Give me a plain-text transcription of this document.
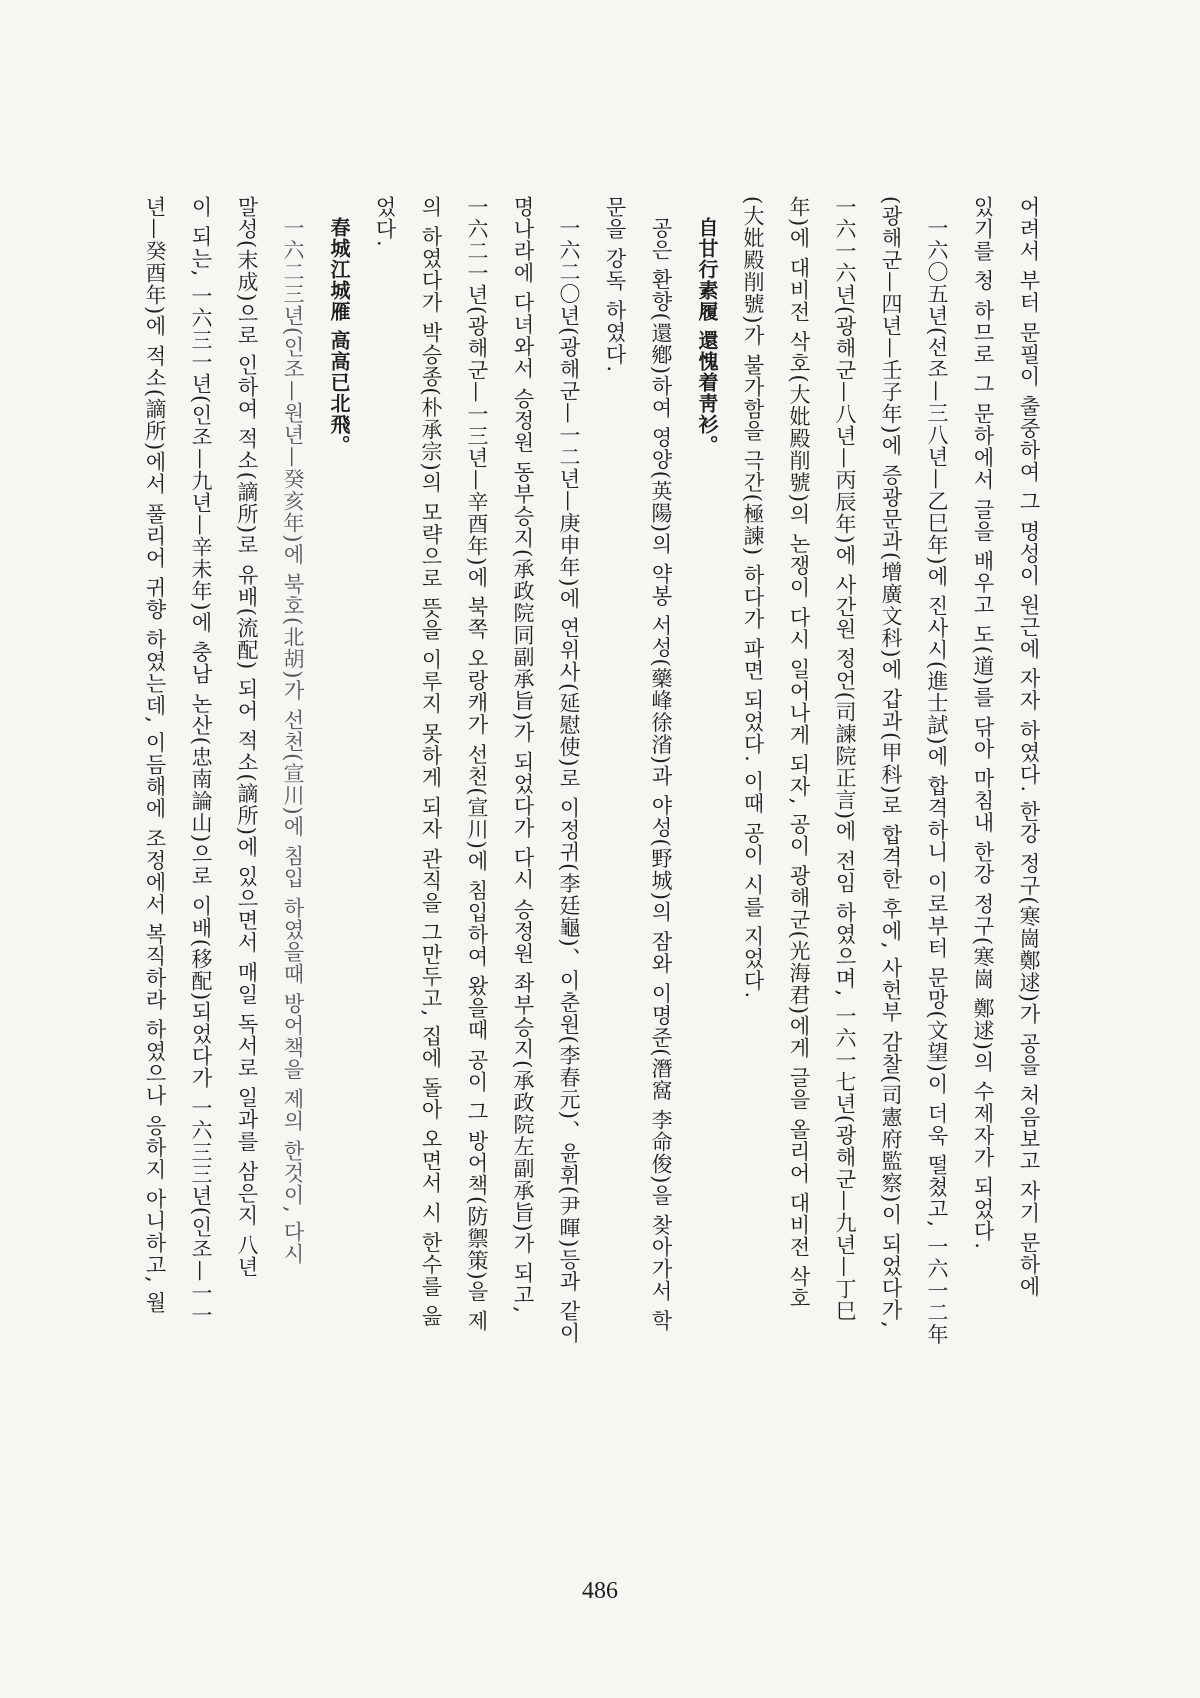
어려서 부터 문필이 출중하여 그 명성이 원근에 자자 하였다. 한강 정구(寒崗鄭逑)가 공을 처음보고 자기 문하에
있기를 청 하므로 그 문하에서 글을 배우고 도(道)를 닦아 마침내 한강 정구(寒崗 鄭逑)의 수제자가 되었다.
一六〇五년(선조—三八년—乙巳年)에 진사시(進士試)에 합격하니 이로부터 문망(文望)이 더욱 떨쳤고, 一六一二年
(광해군—四년—壬子年)에 증광문과(增廣文科)에 갑과(甲科)로 합격한 후에, 사헌부 감찰(司憲府監察)이 되었다가,
一六一六년(광해군—八년—丙辰年)에 사간원 정언(司諫院正言)에 전임 하였으며, 一六一七년(광해군—九년—丁巳
年)에 대비전 삭호(大妣殿削號)의 논쟁이 다시 일어나게 되자, 공이 광해군(光海君)에게 글을 올리어 대비전 삭호
(大妣殿削號)가 불가함을 극간(極諫) 하다가 파면 되었다. 이때 공이 시를 지었다.
自甘行素履 還愧着靑衫。
공은 환향(還鄕)하여 영양(英陽)의 약봉 서성(藥峰徐渻)과 야성(野城)의 잠와 이명준(潛窩 李命俊)을 찾아가서 학
문을 강독 하였다.
一六二〇년(광해군—一二년—庚申年)에 연위사(延慰使)로 이정귀(李廷龜)、이춘원(李春元)、윤휘(尹暉)등과 같이
명나라에 다녀와서 승정원 동부승지(承政院同副承旨)가 되었다가 다시 승정원 좌부승지(承政院左副承旨)가 되고,
一六二一년(광해군—一三년—辛酉年)에 북쪽 오랑캐가 선천(宣川)에 침입하여 왔을때 공이 그 방어책(防禦策)을 제
의 하였다가 박승종(朴承宗)의 모략으로 뜻을 이루지 못하게 되자 관직을 그만두고, 집에 돌아 오면서 시 한수를 읊
었다.
春城江城雁 高高已北飛。
一六二三년(인조—원년—癸亥年)에 북호(北胡)가 선천(宣川)에 침입 하였을때 방어책을 제의 한것이, 다시
말성(末成)으로 인하여 적소(謫所)로 유배(流配) 되어 적소(謫所)에 있으면서 매일 독서로 일과를 삼은지 八년
이 되는, 一六三一년(인조—九년—辛未年)에 충남 논산(忠南論山)으로 이배(移配)되었다가 一六三三년(인조—一一
년—癸酉年)에 적소(謫所)에서 풀리어 귀향 하였는데, 이듬해에 조정에서 복직하라 하였으나 응하지 아니하고, 월
486
